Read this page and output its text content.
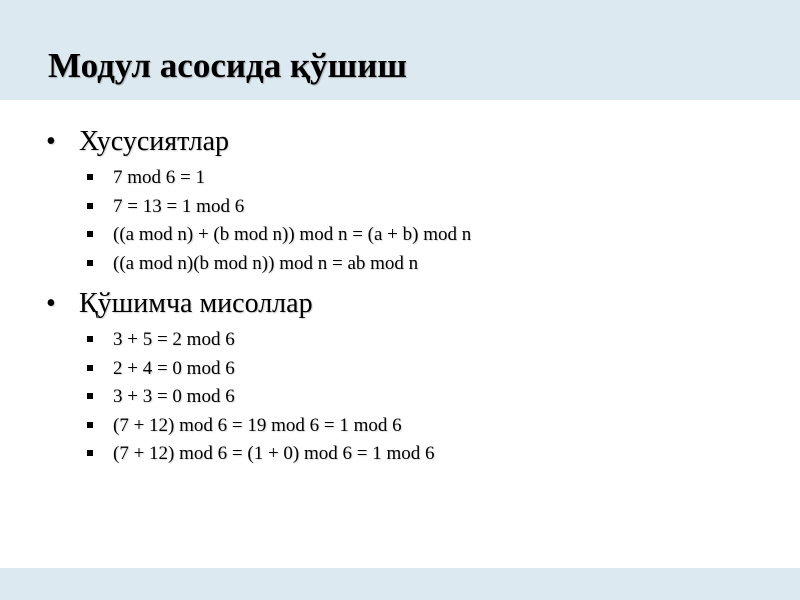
Модул асосида қўшиш
• Хусусиятлар
7 mod 6 = 1
7 = 13 = 1 mod 6
((a mod n) + (b mod n)) mod n = (a + b) mod n
((a mod n)(b mod n)) mod n = ab mod n
• Қўшимча мисоллар
3 + 5 = 2 mod 6
2 + 4 = 0 mod 6
3 + 3 = 0 mod 6
(7 + 12) mod 6 = 19 mod 6 = 1 mod 6
(7 + 12) mod 6 = (1 + 0) mod 6 = 1 mod 6
